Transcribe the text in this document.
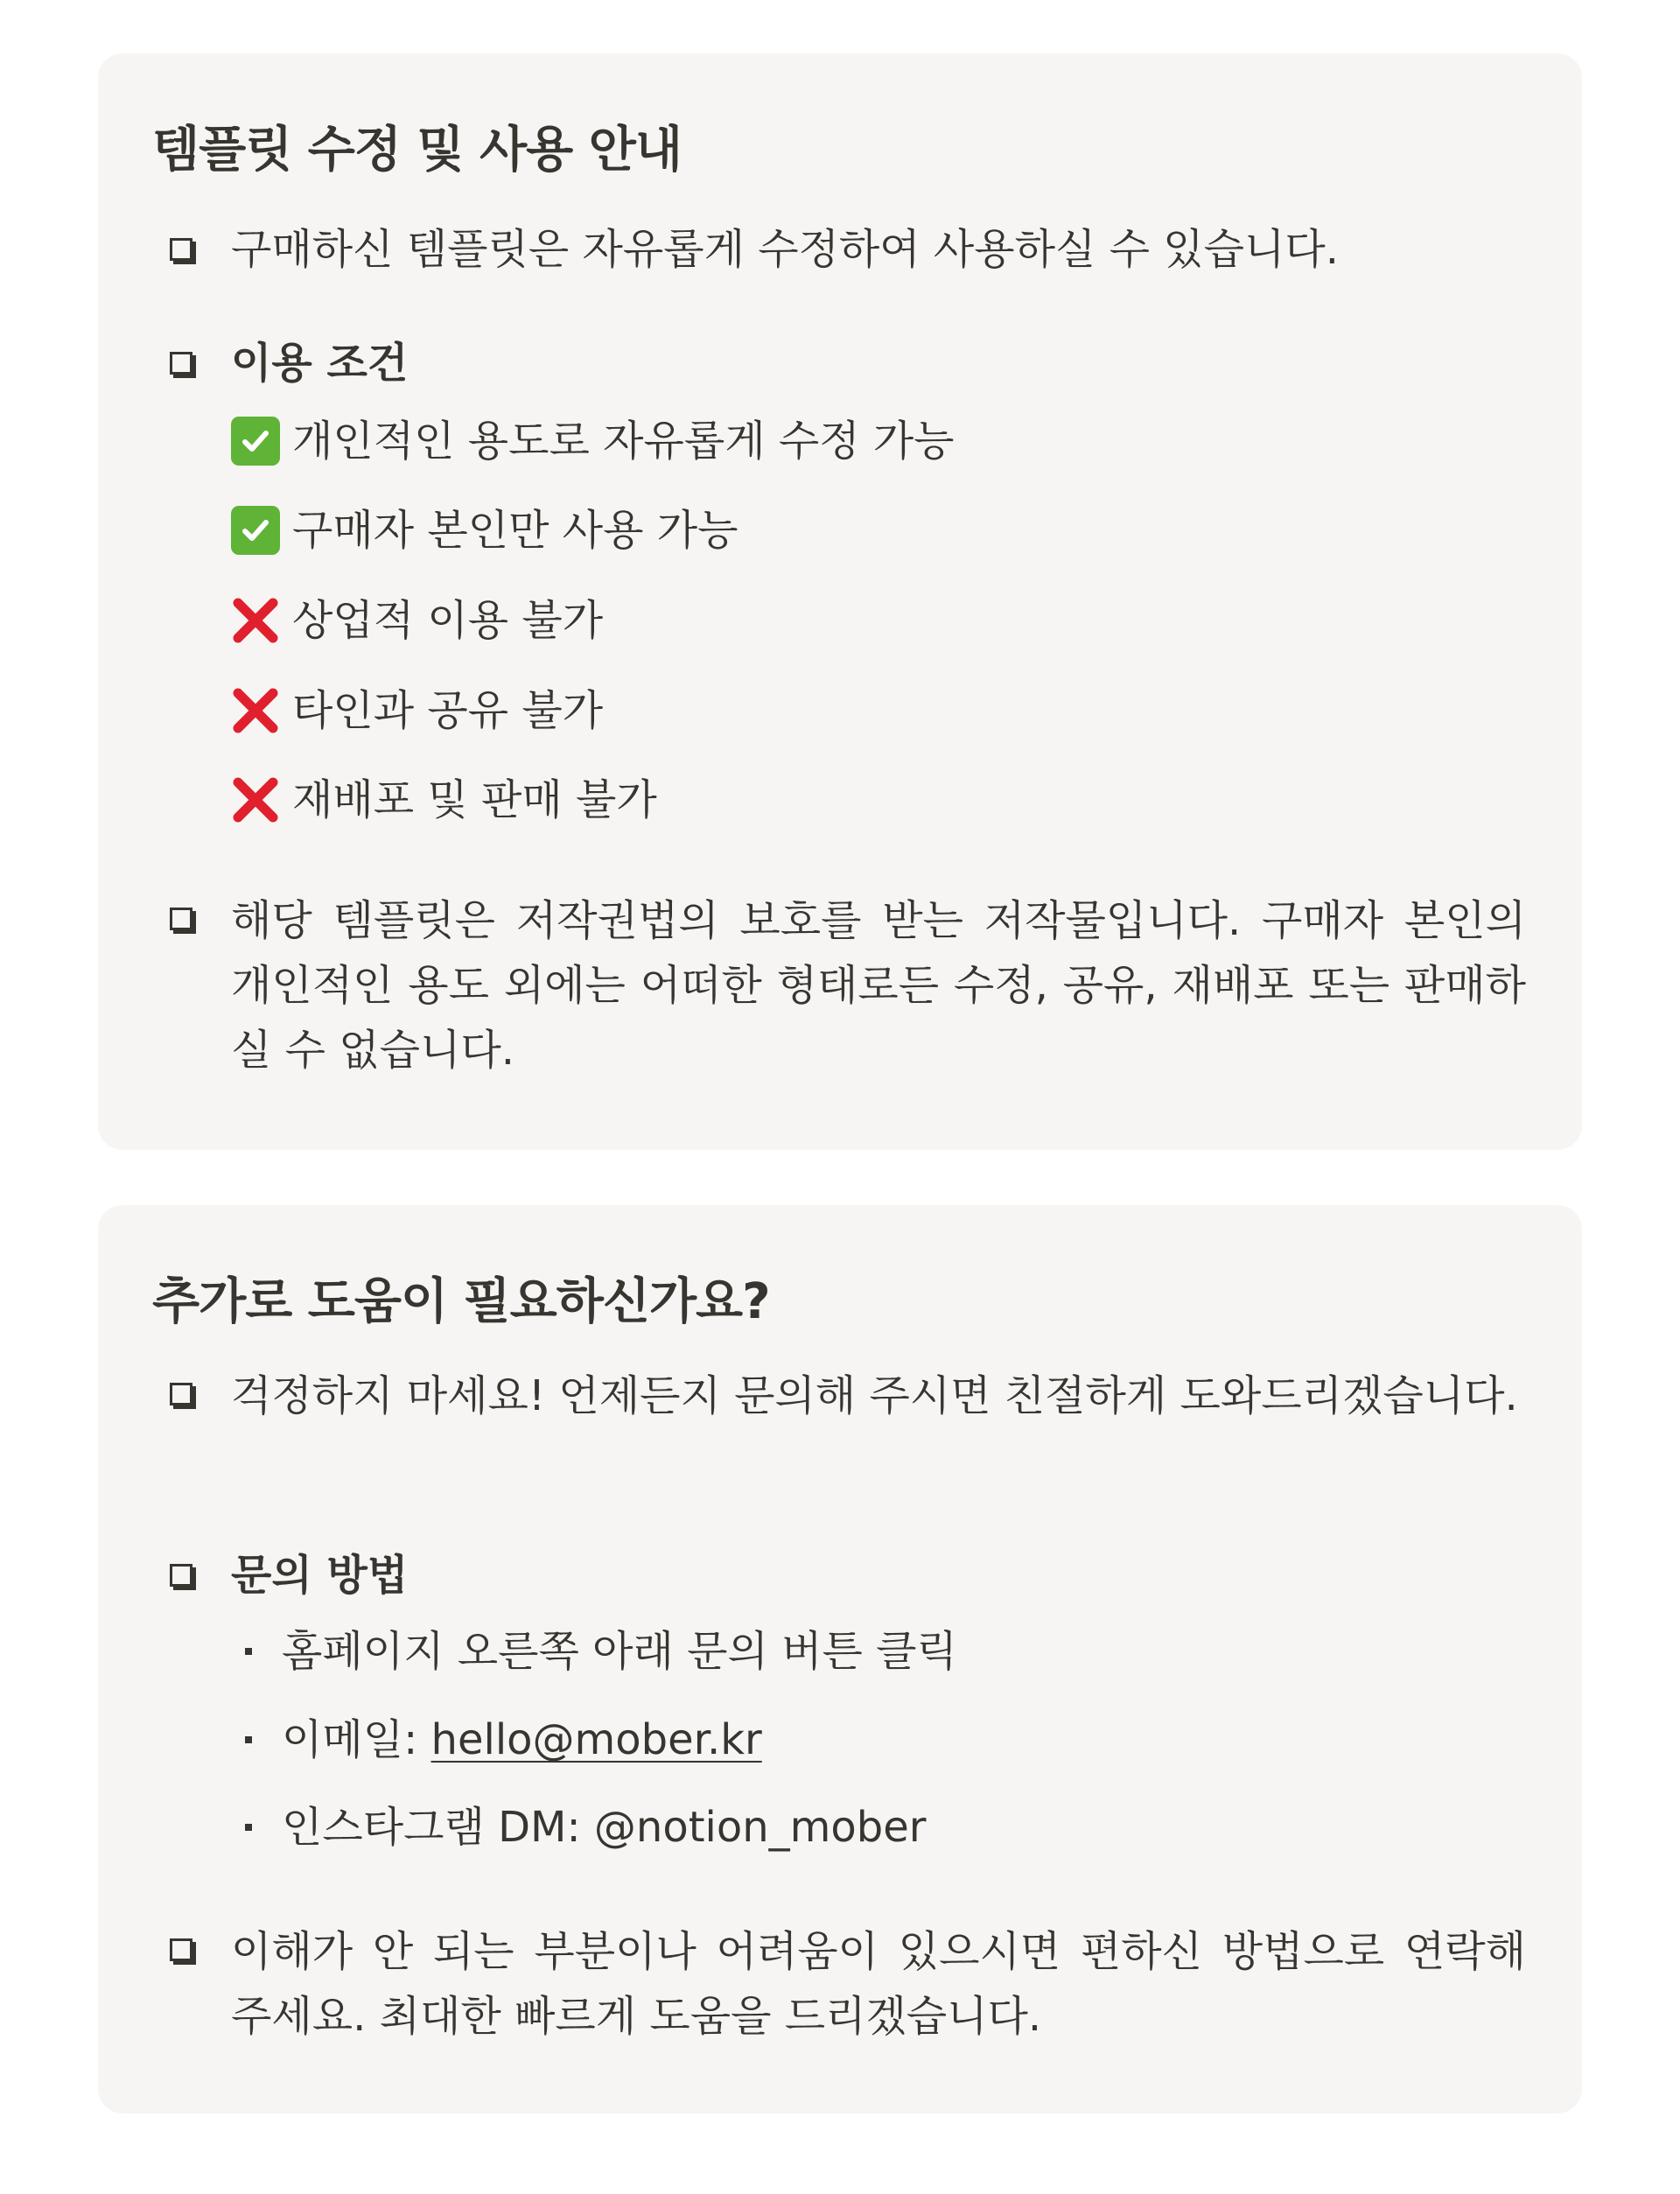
템플릿 수정 및 사용 안내
구매하신 템플릿은 자유롭게 수정하여 사용하실 수 있습니다.
이용 조건
개인적인 용도로 자유롭게 수정 가능
구매자 본인만 사용 가능
상업적 이용 불가
타인과 공유 불가
재배포 및 판매 불가
해당 템플릿은 저작권법의 보호를 받는 저작물입니다. 구매자 본인의 개인적인 용도 외에는 어떠한 형태로든 수정, 공유, 재배포 또는 판매하실 수 없습니다.
추가로 도움이 필요하신가요?
걱정하지 마세요! 언제든지 문의해 주시면 친절하게 도와드리겠습니다.
문의 방법
홈페이지 오른쪽 아래 문의 버튼 클릭
이메일: hello@mober.kr
인스타그램 DM: @notion_mober
이해가 안 되는 부분이나 어려움이 있으시면 편하신 방법으로 연락해 주세요. 최대한 빠르게 도움을 드리겠습니다.
